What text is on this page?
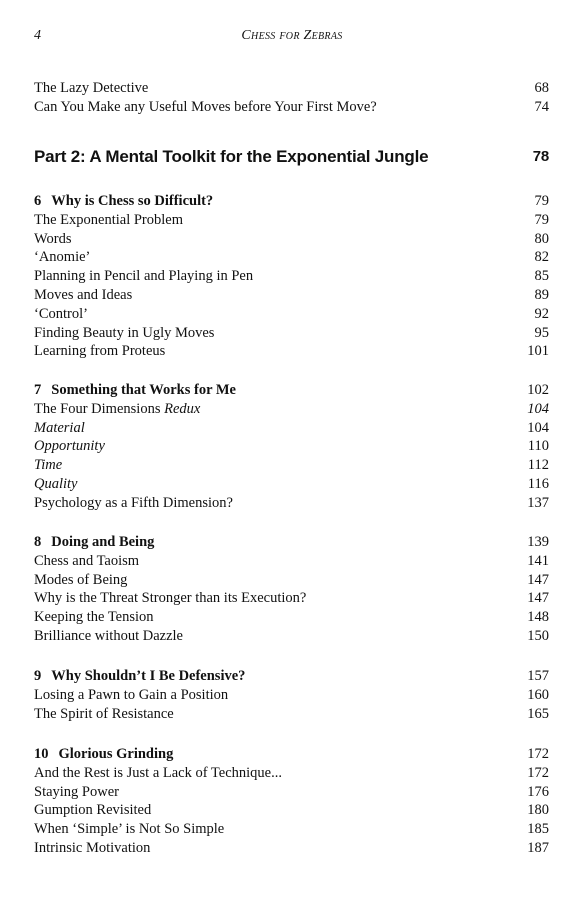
4	Chess for Zebras
The Lazy Detective	68
Can You Make any Useful Moves before Your First Move?	74
Part 2: A Mental Toolkit for the Exponential Jungle	78
6 Why is Chess so Difficult?	79
The Exponential Problem	79
Words	80
‘Anomie’	82
Planning in Pencil and Playing in Pen	85
Moves and Ideas	89
‘Control’	92
Finding Beauty in Ugly Moves	95
Learning from Proteus	101
7 Something that Works for Me	102
The Four Dimensions Redux	104
Material	104
Opportunity	110
Time	112
Quality	116
Psychology as a Fifth Dimension?	137
8 Doing and Being	139
Chess and Taoism	141
Modes of Being	147
Why is the Threat Stronger than its Execution?	147
Keeping the Tension	148
Brilliance without Dazzle	150
9 Why Shouldn’t I Be Defensive?	157
Losing a Pawn to Gain a Position	160
The Spirit of Resistance	165
10 Glorious Grinding	172
And the Rest is Just a Lack of Technique...	172
Staying Power	176
Gumption Revisited	180
When ‘Simple’ is Not So Simple	185
Intrinsic Motivation	187
